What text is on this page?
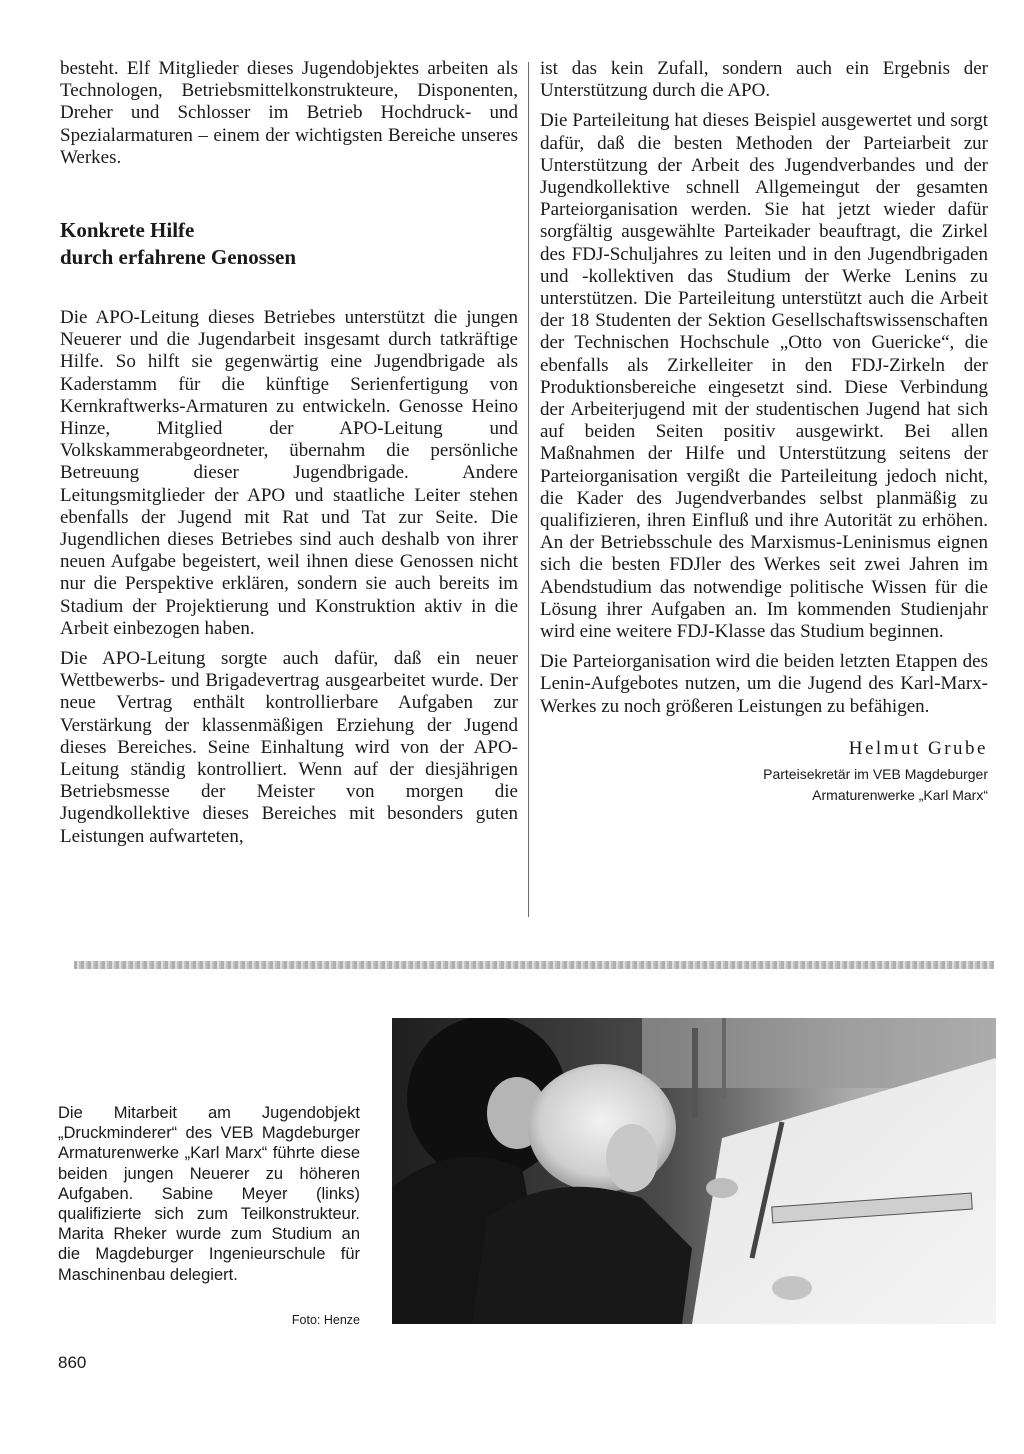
besteht. Elf Mitglieder dieses Jugendobjektes arbeiten als Technologen, Betriebsmittelkonstrukteure, Disponenten, Dreher und Schlosser im Betrieb Hochdruck- und Spezialarmaturen – einem der wichtigsten Bereiche unseres Werkes.

Konkrete Hilfe
durch erfahrene Genossen

Die APO-Leitung dieses Betriebes unterstützt die jungen Neuerer und die Jugendarbeit insgesamt durch tatkräftige Hilfe. So hilft sie gegenwärtig eine Jugendbrigade als Kaderstamm für die künftige Serienfertigung von Kernkraftwerks-Armaturen zu entwickeln. Genosse Heino Hinze, Mitglied der APO-Leitung und Volkskammerabgeordneter, übernahm die persönliche Betreuung dieser Jugendbrigade. Andere Leitungsmitglieder der APO und staatliche Leiter stehen ebenfalls der Jugend mit Rat und Tat zur Seite. Die Jugendlichen dieses Betriebes sind auch deshalb von ihrer neuen Aufgabe begeistert, weil ihnen diese Genossen nicht nur die Perspektive erklären, sondern sie auch bereits im Stadium der Projektierung und Konstruktion aktiv in die Arbeit einbezogen haben.

Die APO-Leitung sorgte auch dafür, daß ein neuer Wettbewerbs- und Brigadevertrag ausgearbeitet wurde. Der neue Vertrag enthält kontrollierbare Aufgaben zur Verstärkung der klassenmäßigen Erziehung der Jugend dieses Bereiches. Seine Einhaltung wird von der APO-Leitung ständig kontrolliert. Wenn auf der diesjährigen Betriebsmesse der Meister von morgen die Jugendkollektive dieses Bereiches mit besonders guten Leistungen aufwarteten,

ist das kein Zufall, sondern auch ein Ergebnis der Unterstützung durch die APO.

Die Parteileitung hat dieses Beispiel ausgewertet und sorgt dafür, daß die besten Methoden der Parteiarbeit zur Unterstützung der Arbeit des Jugendverbandes und der Jugendkollektive schnell Allgemeingut der gesamten Parteiorganisation werden. Sie hat jetzt wieder dafür sorgfältig ausgewählte Parteikader beauftragt, die Zirkel des FDJ-Schuljahres zu leiten und in den Jugendbrigaden und -kollektiven das Studium der Werke Lenins zu unterstützen. Die Parteileitung unterstützt auch die Arbeit der 18 Studenten der Sektion Gesellschaftswissenschaften der Technischen Hochschule „Otto von Guericke“, die ebenfalls als Zirkelleiter in den FDJ-Zirkeln der Produktionsbereiche eingesetzt sind. Diese Verbindung der Arbeiterjugend mit der studentischen Jugend hat sich auf beiden Seiten positiv ausgewirkt. Bei allen Maßnahmen der Hilfe und Unterstützung seitens der Parteiorganisation vergißt die Parteileitung jedoch nicht, die Kader des Jugendverbandes selbst planmäßig zu qualifizieren, ihren Einfluß und ihre Autorität zu erhöhen. An der Betriebsschule des Marxismus-Leninismus eignen sich die besten FDJler des Werkes seit zwei Jahren im Abendstudium das notwendige politische Wissen für die Lösung ihrer Aufgaben an. Im kommenden Studienjahr wird eine weitere FDJ-Klasse das Studium beginnen.

Die Parteiorganisation wird die beiden letzten Etappen des Lenin-Aufgebotes nutzen, um die Jugend des Karl-Marx-Werkes zu noch größeren Leistungen zu befähigen.

Helmut Grube
Parteisekretär im VEB Magdeburger
Armaturenwerke „Karl Marx“
Die Mitarbeit am Jugendobjekt „Druckminderer“ des VEB Magdeburger Armaturenwerke „Karl Marx“ führte diese beiden jungen Neuerer zu höheren Aufgaben. Sabine Meyer (links) qualifizierte sich zum Teilkonstrukteur. Marita Rheker wurde zum Studium an die Magdeburger Ingenieurschule für Maschinenbau delegiert.
Foto: Henze
860
